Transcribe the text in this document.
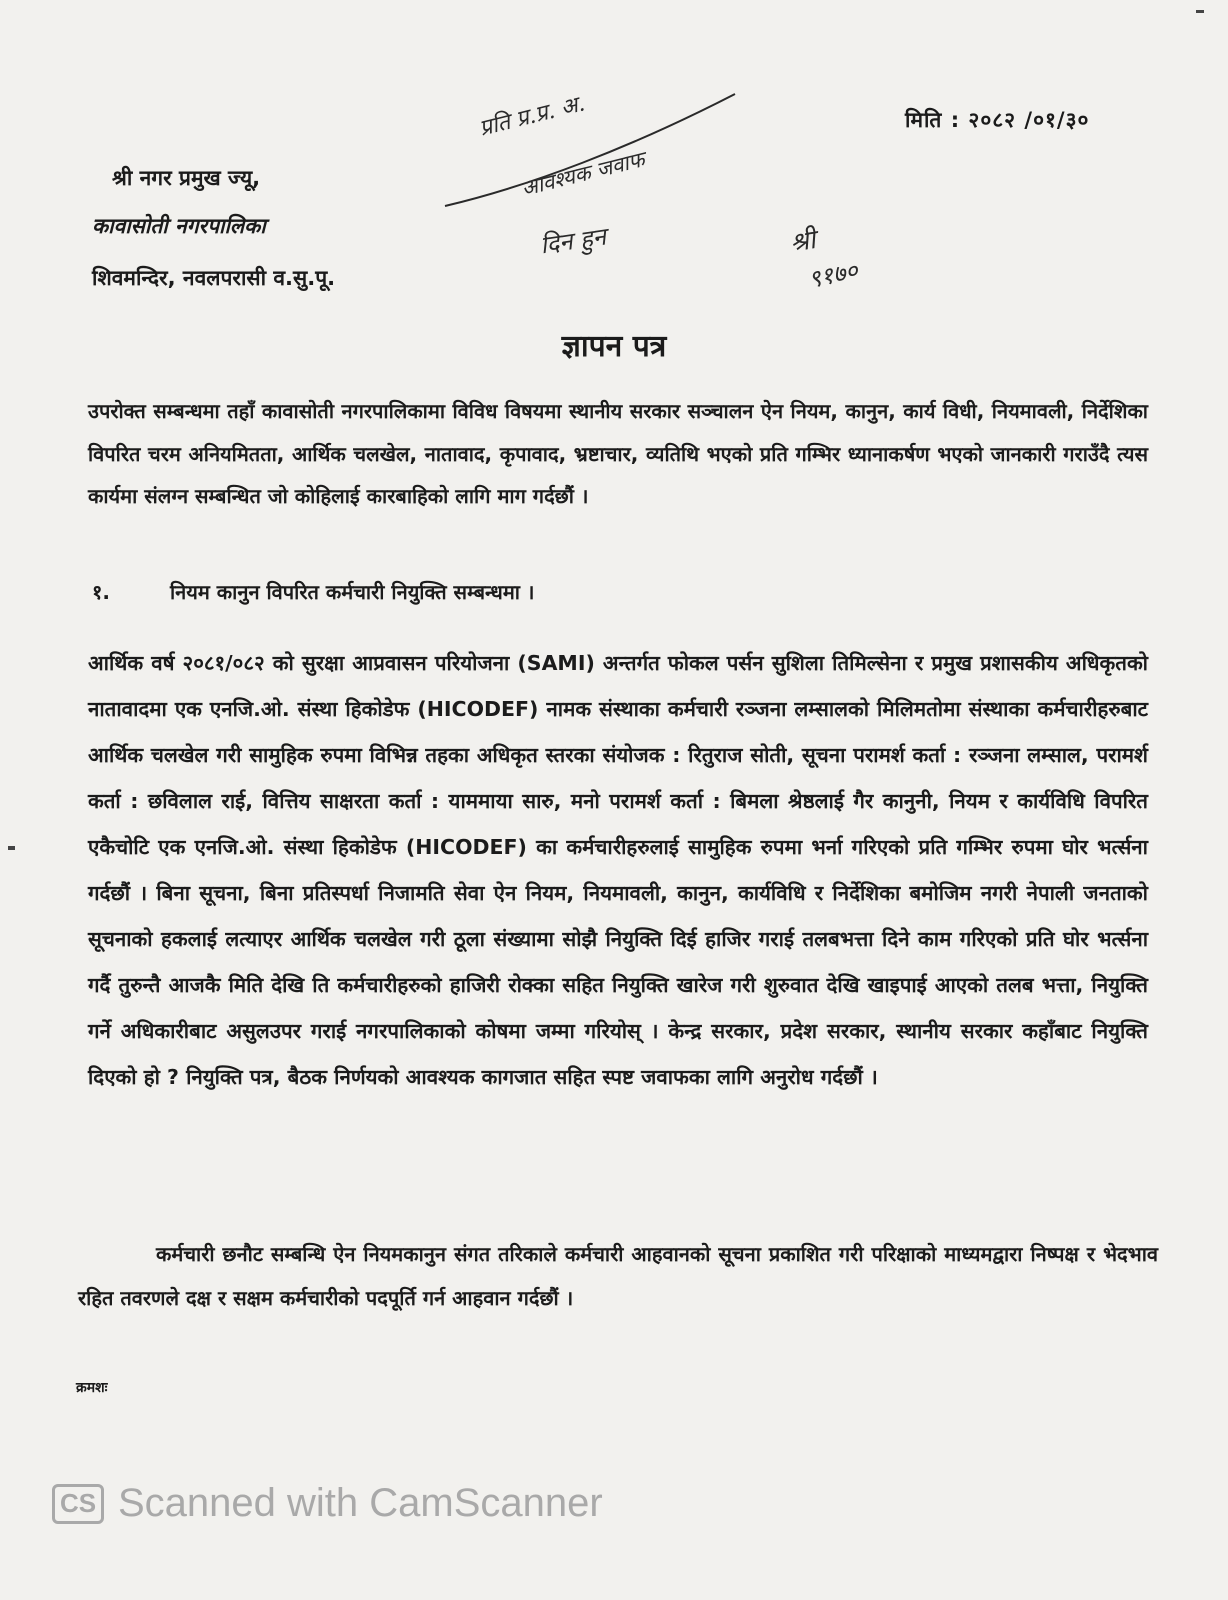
मिति : २०८२ /०१/३०
श्री नगर प्रमुख ज्यू,
कावासोती नगरपालिका
शिवमन्दिर, नवलपरासी व.सु.पू.
प्रति प्र.प्र. अ.
आवश्यक जवाफ
दिन हुन	श्री
९१७०
ज्ञापन पत्र
उपरोक्त सम्बन्धमा तहाँ कावासोती नगरपालिकामा विविध विषयमा स्थानीय सरकार सञ्चालन ऐन नियम, कानुन, कार्य विधी, नियमावली, निर्देशिका विपरित चरम अनियमितता, आर्थिक चलखेल, नातावाद, कृपावाद, भ्रष्टाचार, व्यतिथि भएको प्रति गम्भिर ध्यानाकर्षण भएको जानकारी गराउँदै त्यस कार्यमा संलग्न सम्बन्धित जो कोहिलाई कारबाहिको लागि माग गर्दछौं ।
१.	नियम कानुन विपरित कर्मचारी नियुक्ति सम्बन्धमा ।
आर्थिक वर्ष २०८१/०८२ को सुरक्षा आप्रवासन परियोजना (SAMI) अन्तर्गत फोकल पर्सन सुशिला तिमिल्सेना र प्रमुख प्रशासकीय अधिकृतको नातावादमा एक एनजि.ओ. संस्था हिकोडेफ (HICODEF) नामक संस्थाका कर्मचारी रञ्जना लम्सालको मिलिमतोमा संस्थाका कर्मचारीहरुबाट आर्थिक चलखेल गरी सामुहिक रुपमा विभिन्न तहका अधिकृत स्तरका संयोजक : रितुराज सोती, सूचना परामर्श कर्ता : रञ्जना लम्साल, परामर्श कर्ता : छविलाल राई, वित्तिय साक्षरता कर्ता : याममाया सारु, मनो परामर्श कर्ता : बिमला श्रेष्ठलाई गैर कानुनी, नियम र कार्यविधि विपरित एकैचोटि एक एनजि.ओ. संस्था हिकोडेफ (HICODEF) का कर्मचारीहरुलाई सामुहिक रुपमा भर्ना गरिएको प्रति गम्भिर रुपमा घोर भर्त्सना गर्दछौं । बिना सूचना, बिना प्रतिस्पर्धा निजामति सेवा ऐन नियम, नियमावली, कानुन, कार्यविधि र निर्देशिका बमोजिम नगरी नेपाली जनताको सूचनाको हकलाई लत्याएर आर्थिक चलखेल गरी ठूला संख्यामा सोझै नियुक्ति दिई हाजिर गराई तलबभत्ता दिने काम गरिएको प्रति घोर भर्त्सना गर्दै तुरुन्तै आजकै मिति देखि ति कर्मचारीहरुको हाजिरी रोक्का सहित नियुक्ति खारेज गरी शुरुवात देखि खाइपाई आएको तलब भत्ता, नियुक्ति गर्ने अधिकारीबाट असुलउपर गराई नगरपालिकाको कोषमा जम्मा गरियोस् । केन्द्र सरकार, प्रदेश सरकार, स्थानीय सरकार कहाँबाट नियुक्ति दिएको हो ? नियुक्ति पत्र, बैठक निर्णयको आवश्यक कागजात सहित स्पष्ट जवाफका लागि अनुरोध गर्दछौं ।
कर्मचारी छनौट सम्बन्धि ऐन नियमकानुन संगत तरिकाले कर्मचारी आहवानको सूचना प्रकाशित गरी परिक्षाको माध्यमद्वारा निष्पक्ष र भेदभाव रहित तवरणले दक्ष र सक्षम कर्मचारीको पदपूर्ति गर्न आहवान गर्दछौं ।
क्रमशः
CS Scanned with CamScanner
